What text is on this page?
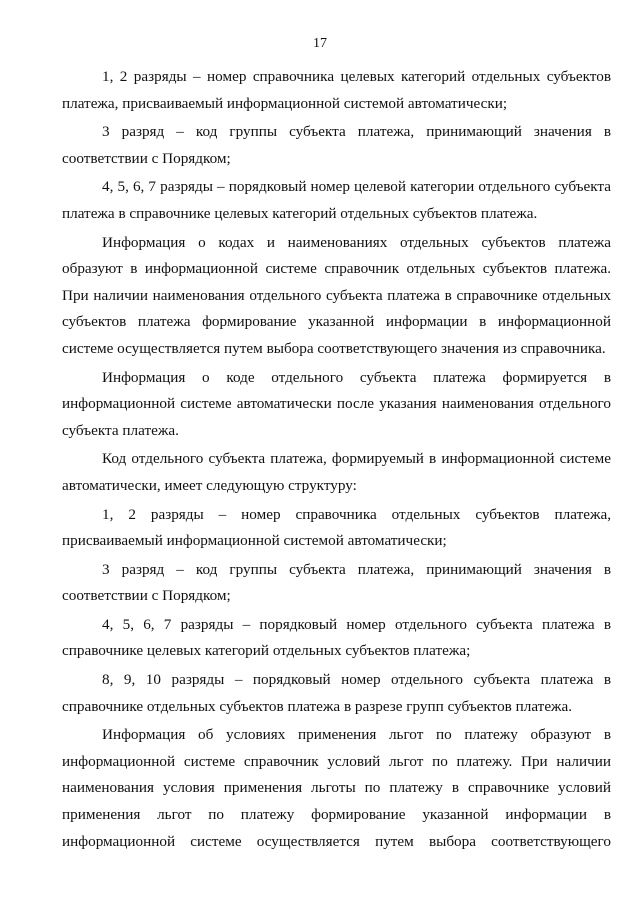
17

1, 2 разряды – номер справочника целевых категорий отдельных субъектов платежа, присваиваемый информационной системой автоматически;

3 разряд – код группы субъекта платежа, принимающий значения в соответствии с Порядком;

4, 5, 6, 7 разряды – порядковый номер целевой категории отдельного субъекта платежа в справочнике целевых категорий отдельных субъектов платежа.

Информация о кодах и наименованиях отдельных субъектов платежа образуют в информационной системе справочник отдельных субъектов платежа. При наличии наименования отдельного субъекта платежа в справочнике отдельных субъектов платежа формирование указанной информации в информационной системе осуществляется путем выбора соответствующего значения из справочника.

Информация о коде отдельного субъекта платежа формируется в информационной системе автоматически после указания наименования отдельного субъекта платежа.

Код отдельного субъекта платежа, формируемый в информационной системе автоматически, имеет следующую структуру:

1, 2 разряды – номер справочника отдельных субъектов платежа, присваиваемый информационной системой автоматически;

3 разряд – код группы субъекта платежа, принимающий значения в соответствии с Порядком;

4, 5, 6, 7 разряды – порядковый номер отдельного субъекта платежа в справочнике целевых категорий отдельных субъектов платежа;

8, 9, 10 разряды – порядковый номер отдельного субъекта платежа в справочнике отдельных субъектов платежа в разрезе групп субъектов платежа.

Информация об условиях применения льгот по платежу образуют в информационной системе справочник условий льгот по платежу. При наличии наименования условия применения льготы по платежу в справочнике условий применения льгот по платежу формирование указанной информации в информационной системе осуществляется путем выбора соответствующего
